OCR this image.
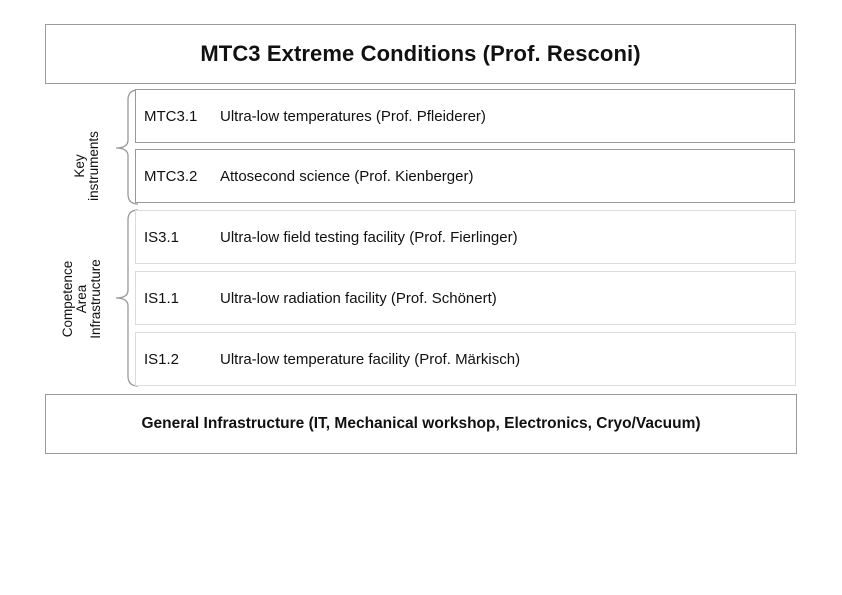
MTC3 Extreme Conditions (Prof. Resconi)
Key instruments
Competence Area Infrastructure
MTC3.1 Ultra-low temperatures (Prof. Pfleiderer)
MTC3.2 Attosecond science (Prof. Kienberger)
IS3.1	Ultra-low field testing facility (Prof. Fierlinger)
IS1.1	Ultra-low radiation facility (Prof. Schönert)
IS1.2	Ultra-low temperature facility (Prof. Märkisch)
General Infrastructure (IT, Mechanical workshop, Electronics, Cryo/Vacuum)
